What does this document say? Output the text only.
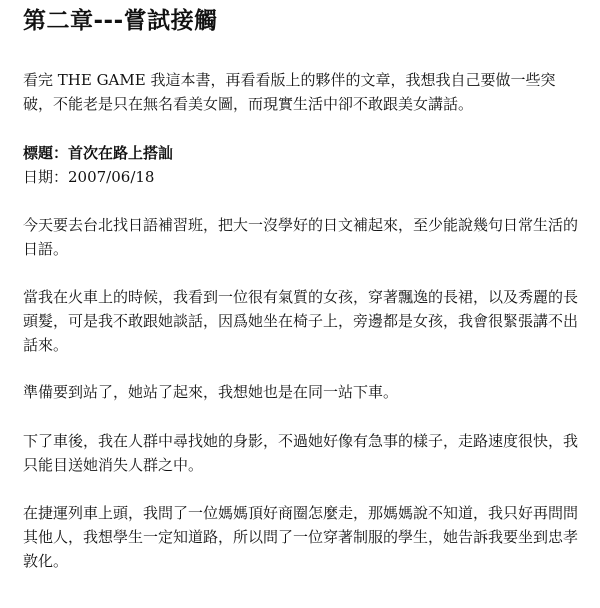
第二章---嘗試接觸

看完 THE GAME 我這本書，再看看版上的夥伴的文章，我想我自己要做一些突破，不能老是只在無名看美女圖，而現實生活中卻不敢跟美女講話。

標題：首次在路上搭訕
日期：2007/06/18

今天要去台北找日語補習班，把大一沒學好的日文補起來，至少能說幾句日常生活的日語。

當我在火車上的時候，我看到一位很有氣質的女孩，穿著飄逸的長裙，以及秀麗的長頭髮，可是我不敢跟她談話，因爲她坐在椅子上，旁邊都是女孩，我會很緊張講不出話來。

準備要到站了，她站了起來，我想她也是在同一站下車。

下了車後，我在人群中尋找她的身影，不過她好像有急事的樣子，走路速度很快，我只能目送她消失人群之中。

在捷運列車上頭，我問了一位媽媽頂好商圈怎麼走，那媽媽說不知道，我只好再問問其他人，我想學生一定知道路，所以問了一位穿著制服的學生，她告訴我要坐到忠孝敦化。
